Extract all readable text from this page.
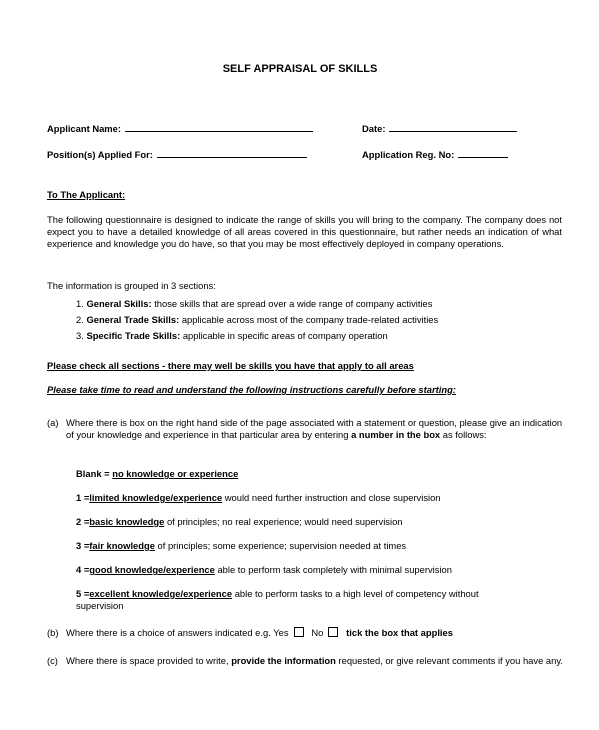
SELF APPRAISAL OF SKILLS
Applicant Name:	Date:
Position(s) Applied For:	Application Reg. No:
To The Applicant:
The following questionnaire is designed to indicate the range of skills you will bring to the company. The company does not expect you to have a detailed knowledge of all areas covered in this questionnaire, but rather needs an indication of what experience and knowledge you do have, so that you may be most effectively deployed in company operations.
The information is grouped in 3 sections:
1. General Skills: those skills that are spread over a wide range of company activities
2. General Trade Skills: applicable across most of the company trade-related activities
3. Specific Trade Skills: applicable in specific areas of company operation
Please check all sections - there may well be skills you have that apply to all areas
Please take time to read and understand the following instructions carefully before starting:
(a) Where there is box on the right hand side of the page associated with a statement or question, please give an indication of your knowledge and experience in that particular area by entering a number in the box as follows:
Blank = no knowledge or experience
1 =limited knowledge/experience would need further instruction and close supervision
2 =basic knowledge of principles; no real experience; would need supervision
3 =fair knowledge of principles; some experience; supervision needed at times
4 =good knowledge/experience able to perform task completely with minimal supervision
5 =excellent knowledge/experience able to perform tasks to a high level of competency without supervision
(b) Where there is a choice of answers indicated e.g. Yes No tick the box that applies
(c) Where there is space provided to write, provide the information requested, or give relevant comments if you have any.
